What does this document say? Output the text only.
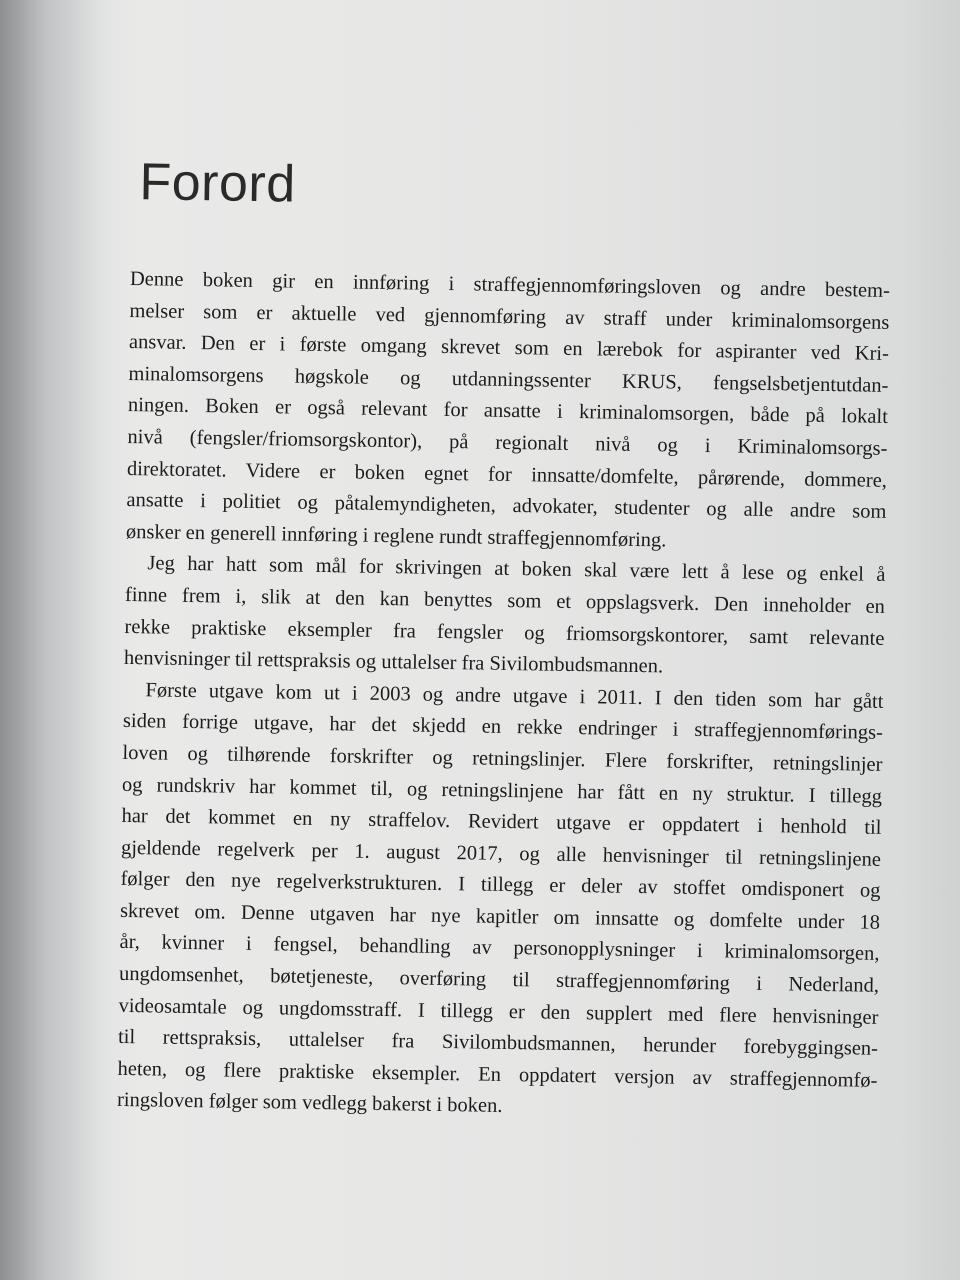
Forord

Denne boken gir en innføring i straffegjennomføringsloven og andre bestem-
melser som er aktuelle ved gjennomføring av straff under kriminalomsorgens
ansvar. Den er i første omgang skrevet som en lærebok for aspiranter ved Kri-
minalomsorgens høgskole og utdanningssenter KRUS, fengselsbetjentutdan-
ningen. Boken er også relevant for ansatte i kriminalomsorgen, både på lokalt
nivå (fengsler/friomsorgskontor), på regionalt nivå og i Kriminalomsorgs-
direktoratet. Videre er boken egnet for innsatte/domfelte, pårørende, dommere,
ansatte i politiet og påtalemyndigheten, advokater, studenter og alle andre som
ønsker en generell innføring i reglene rundt straffegjennomføring.

Jeg har hatt som mål for skrivingen at boken skal være lett å lese og enkel å
finne frem i, slik at den kan benyttes som et oppslagsverk. Den inneholder en
rekke praktiske eksempler fra fengsler og friomsorgskontorer, samt relevante
henvisninger til rettspraksis og uttalelser fra Sivilombudsmannen.

Første utgave kom ut i 2003 og andre utgave i 2011. I den tiden som har gått
siden forrige utgave, har det skjedd en rekke endringer i straffegjennomførings-
loven og tilhørende forskrifter og retningslinjer. Flere forskrifter, retningslinjer
og rundskriv har kommet til, og retningslinjene har fått en ny struktur. I tillegg
har det kommet en ny straffelov. Revidert utgave er oppdatert i henhold til
gjeldende regelverk per 1. august 2017, og alle henvisninger til retningslinjene
følger den nye regelverkstrukturen. I tillegg er deler av stoffet omdisponert og
skrevet om. Denne utgaven har nye kapitler om innsatte og domfelte under 18
år, kvinner i fengsel, behandling av personopplysninger i kriminalomsorgen,
ungdomsenhet, bøtetjeneste, overføring til straffegjennomføring i Nederland,
videosamtale og ungdomsstraff. I tillegg er den supplert med flere henvisninger
til rettspraksis, uttalelser fra Sivilombudsmannen, herunder forebyggingsen-
heten, og flere praktiske eksempler. En oppdatert versjon av straffegjennomfø-
ringsloven følger som vedlegg bakerst i boken.
